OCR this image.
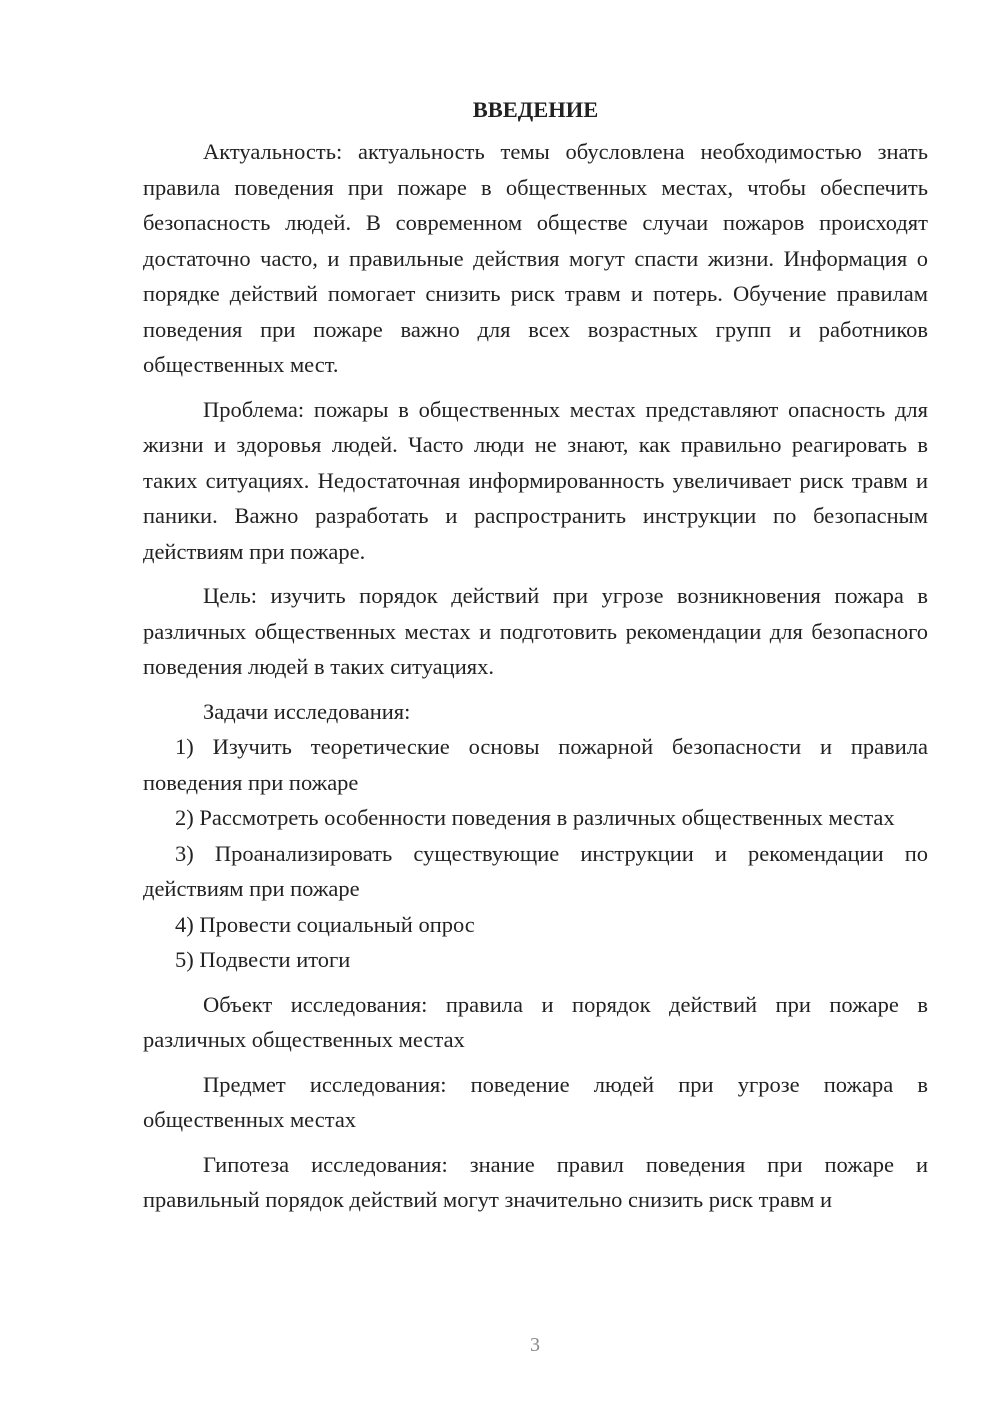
ВВЕДЕНИЕ

Актуальность: актуальность темы обусловлена необходимостью знать правила поведения при пожаре в общественных местах, чтобы обеспечить безопасность людей. В современном обществе случаи пожаров происходят достаточно часто, и правильные действия могут спасти жизни. Информация о порядке действий помогает снизить риск травм и потерь. Обучение правилам поведения при пожаре важно для всех возрастных групп и работников общественных мест.

Проблема: пожары в общественных местах представляют опасность для жизни и здоровья людей. Часто люди не знают, как правильно реагировать в таких ситуациях. Недостаточная информированность увеличивает риск травм и паники. Важно разработать и распространить инструкции по безопасным действиям при пожаре.

Цель: изучить порядок действий при угрозе возникновения пожара в различных общественных местах и подготовить рекомендации для безопасного поведения людей в таких ситуациях.

Задачи исследования:

1) Изучить теоретические основы пожарной безопасности и правила поведения при пожаре

2) Рассмотреть особенности поведения в различных общественных местах

3) Проанализировать существующие инструкции и рекомендации по действиям при пожаре

4) Провести социальный опрос

5) Подвести итоги

Объект исследования: правила и порядок действий при пожаре в различных общественных местах

Предмет исследования: поведение людей при угрозе пожара в общественных местах

Гипотеза исследования: знание правил поведения при пожаре и правильный порядок действий могут значительно снизить риск травм и

3
